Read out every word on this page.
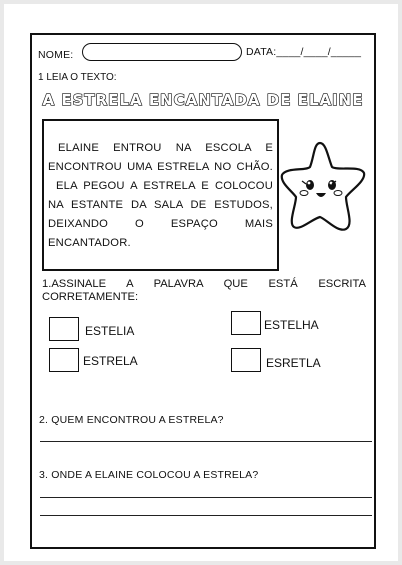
NOME:	DATA:____/____/_____
1 LEIA O TEXTO:
A ESTRELA ENCANTADA DE ELAINE

ELAINE ENTROU NA ESCOLA E

ENCONTROU UMA ESTRELA NO CHÃO.

ELA PEGOU A ESTRELA E COLOCOU

NA ESTANTE DA SALA DE ESTUDOS,

DEIXANDO O ESPAÇO MAIS

ENCANTADOR.

1.ASSINALE A PALAVRA QUE ESTÁ ESCRITA
CORRETAMENTE:
ESTELIA	ESTELHA
ESTRELA	ESRETLA
2. QUEM ENCONTROU A ESTRELA?
3. ONDE A ELAINE COLOCOU A ESTRELA?
